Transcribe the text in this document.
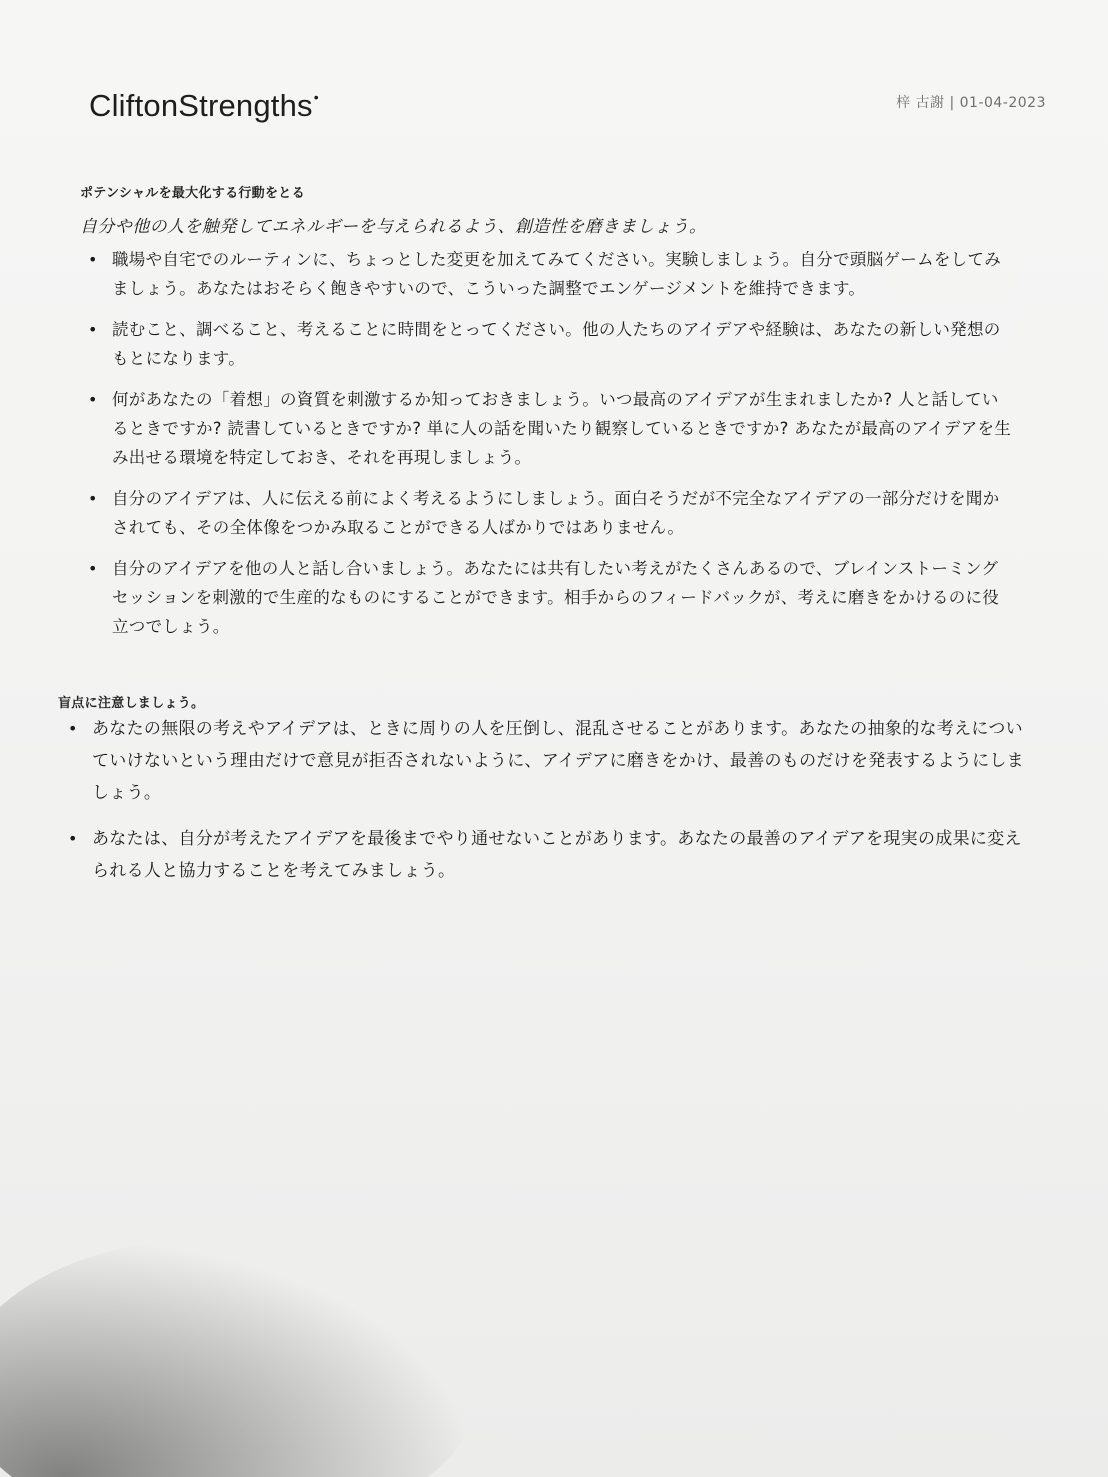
CliftonStrengths•	梓 古謝 | 01-04-2023
ポテンシャルを最大化する行動をとる
自分や他の人を触発してエネルギーを与えられるよう、創造性を磨きましょう。
• 職場や自宅でのルーティンに、ちょっとした変更を加えてみてください。実験しましょう。自分で頭脳ゲームをしてみましょう。あなたはおそらく飽きやすいので、こういった調整でエンゲージメントを維持できます。
• 読むこと、調べること、考えることに時間をとってください。他の人たちのアイデアや経験は、あなたの新しい発想のもとになります。
• 何があなたの「着想」の資質を刺激するか知っておきましょう。いつ最高のアイデアが生まれましたか? 人と話しているときですか? 読書しているときですか? 単に人の話を聞いたり観察しているときですか? あなたが最高のアイデアを生み出せる環境を特定しておき、それを再現しましょう。
• 自分のアイデアは、人に伝える前によく考えるようにしましょう。面白そうだが不完全なアイデアの一部分だけを聞かされても、その全体像をつかみ取ることができる人ばかりではありません。
• 自分のアイデアを他の人と話し合いましょう。あなたには共有したい考えがたくさんあるので、ブレインストーミングセッションを刺激的で生産的なものにすることができます。相手からのフィードバックが、考えに磨きをかけるのに役立つでしょう。
盲点に注意しましょう。
• あなたの無限の考えやアイデアは、ときに周りの人を圧倒し、混乱させることがあります。あなたの抽象的な考えについていけないという理由だけで意見が拒否されないように、アイデアに磨きをかけ、最善のものだけを発表するようにしましょう。
• あなたは、自分が考えたアイデアを最後までやり通せないことがあります。あなたの最善のアイデアを現実の成果に変えられる人と協力することを考えてみましょう。
